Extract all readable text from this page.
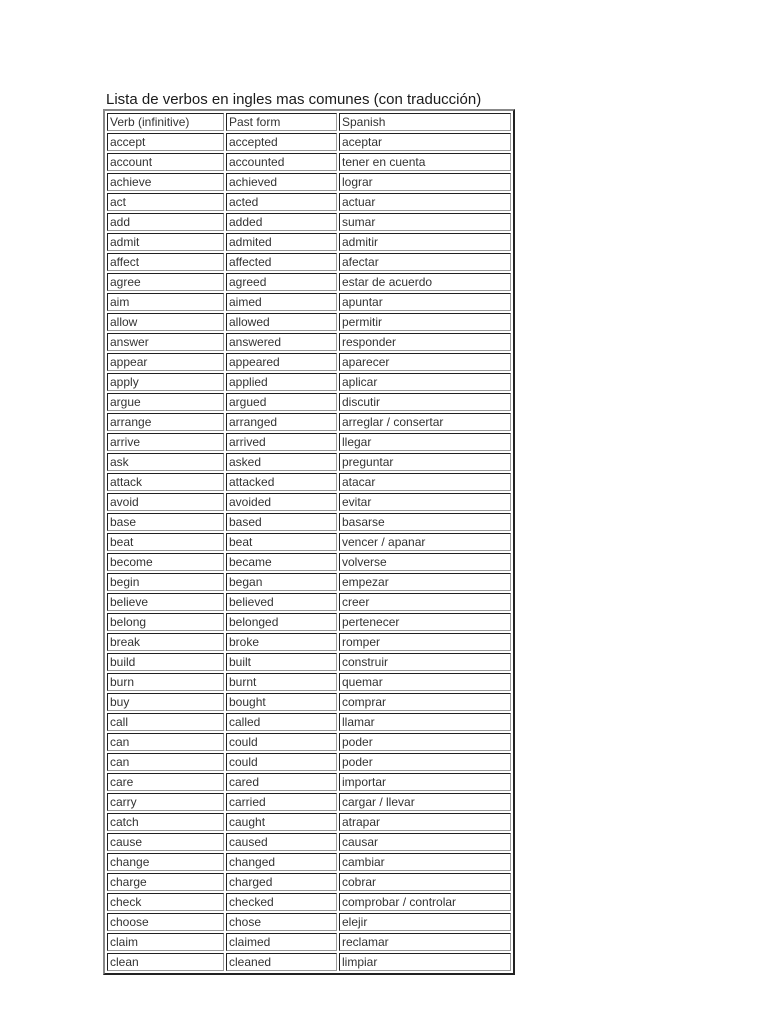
Lista de verbos en ingles mas comunes (con traducción)
Verb (infinitive)	Past form	Spanish
accept	accepted	aceptar
account	accounted	tener en cuenta
achieve	achieved	lograr
act	acted	actuar
add	added	sumar
admit	admited	admitir
affect	affected	afectar
agree	agreed	estar de acuerdo
aim	aimed	apuntar
allow	allowed	permitir
answer	answered	responder
appear	appeared	aparecer
apply	applied	aplicar
argue	argued	discutir
arrange	arranged	arreglar / consertar
arrive	arrived	llegar
ask	asked	preguntar
attack	attacked	atacar
avoid	avoided	evitar
base	based	basarse
beat	beat	vencer / apanar
become	became	volverse
begin	began	empezar
believe	believed	creer
belong	belonged	pertenecer
break	broke	romper
build	built	construir
burn	burnt	quemar
buy	bought	comprar
call	called	llamar
can	could	poder
can	could	poder
care	cared	importar
carry	carried	cargar / llevar
catch	caught	atrapar
cause	caused	causar
change	changed	cambiar
charge	charged	cobrar
check	checked	comprobar / controlar
choose	chose	elejir
claim	claimed	reclamar
clean	cleaned	limpiar
